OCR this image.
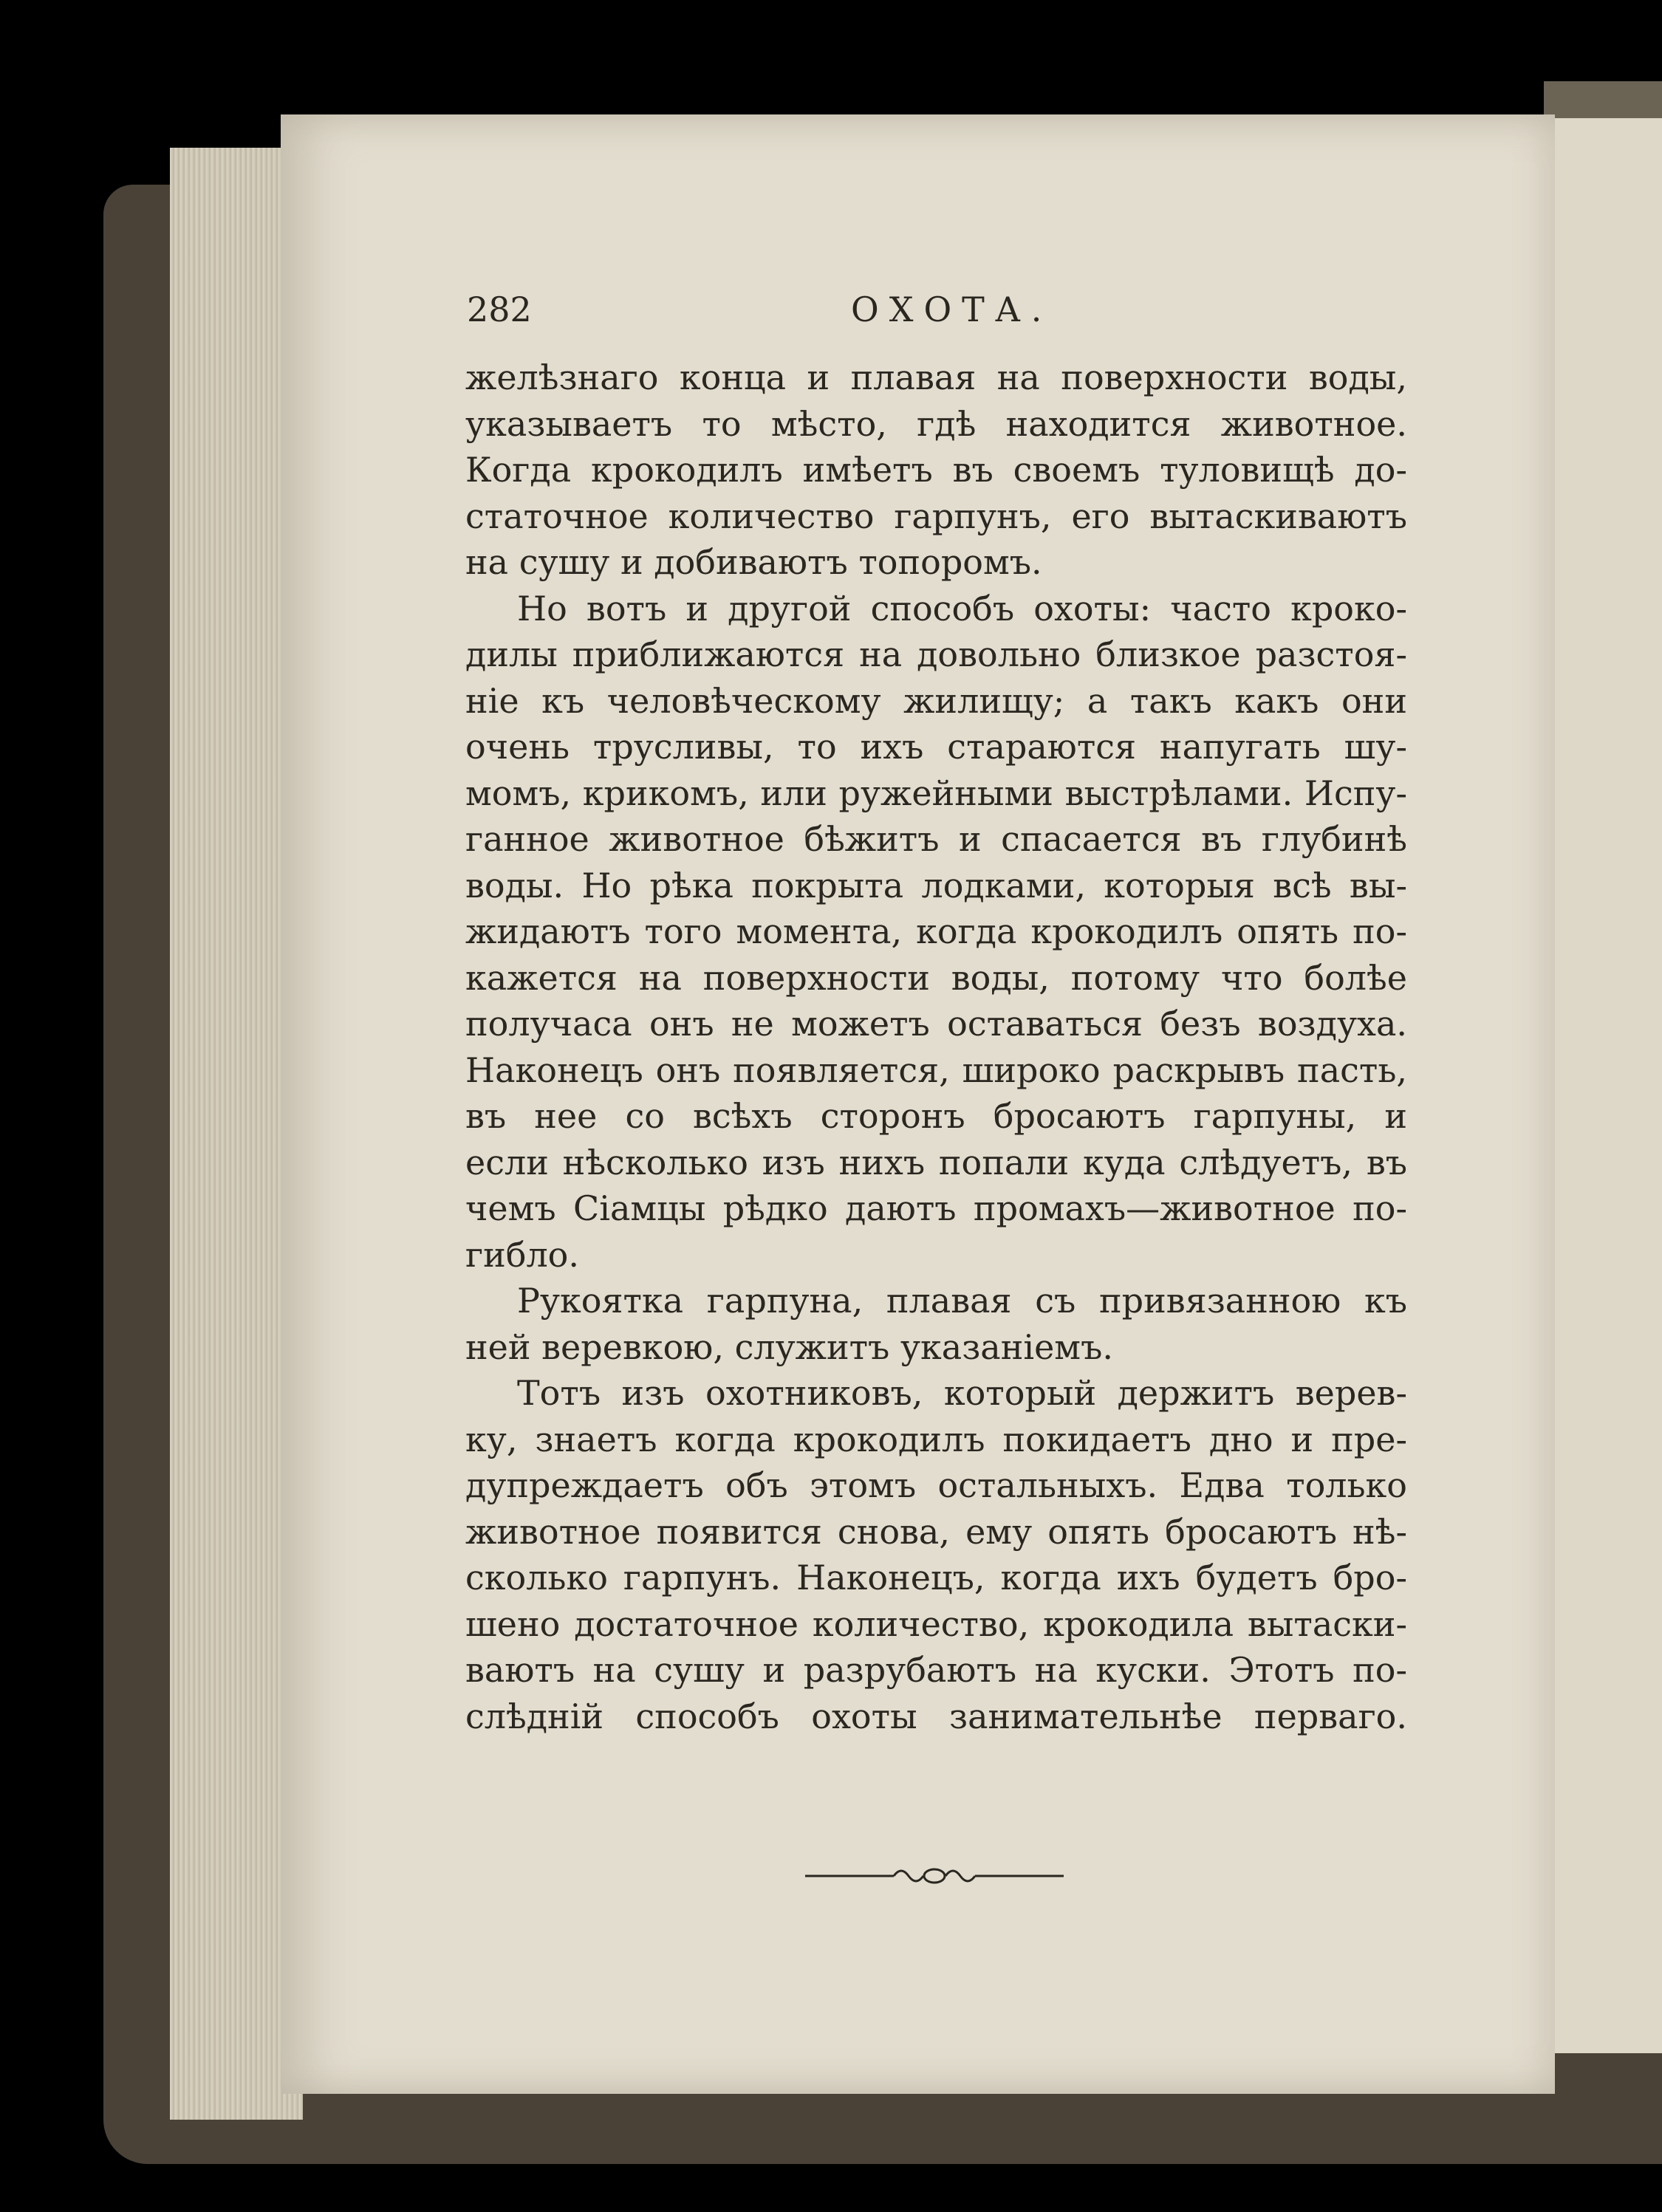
282	ОХОТА.
желѣзнаго конца и плавая на поверхности воды,
указываетъ то мѣсто, гдѣ находится животное.
Когда крокодилъ имѣетъ въ своемъ туловищѣ до-
статочное количество гарпунъ, его вытаскиваютъ
на сушу и добиваютъ топоромъ.
Но вотъ и другой способъ охоты: часто кроко-
дилы приближаются на довольно близкое разстоя-
ніе къ человѣческому жилищу; а такъ какъ они
очень трусливы, то ихъ стараются напугать шу-
момъ, крикомъ, или ружейными выстрѣлами. Испу-
ганное животное бѣжитъ и спасается въ глубинѣ
воды. Но рѣка покрыта лодками, которыя всѣ вы-
жидаютъ того момента, когда крокодилъ опять по-
кажется на поверхности воды, потому что болѣе
получаса онъ не можетъ оставаться безъ воздуха.
Наконецъ онъ появляется, широко раскрывъ пасть,
въ нее со всѣхъ сторонъ бросаютъ гарпуны, и
если нѣсколько изъ нихъ попали куда слѣдуетъ, въ
чемъ Сіамцы рѣдко даютъ промахъ—животное по-
гибло.
Рукоятка гарпуна, плавая съ привязанною къ
ней веревкою, служитъ указаніемъ.
Тотъ изъ охотниковъ, который держитъ верев-
ку, знаетъ когда крокодилъ покидаетъ дно и пре-
дупреждаетъ объ этомъ остальныхъ. Едва только
животное появится снова, ему опять бросаютъ нѣ-
сколько гарпунъ. Наконецъ, когда ихъ будетъ бро-
шено достаточное количество, крокодила вытаски-
ваютъ на сушу и разрубаютъ на куски. Этотъ по-
слѣдній способъ охоты занимательнѣе перваго.
